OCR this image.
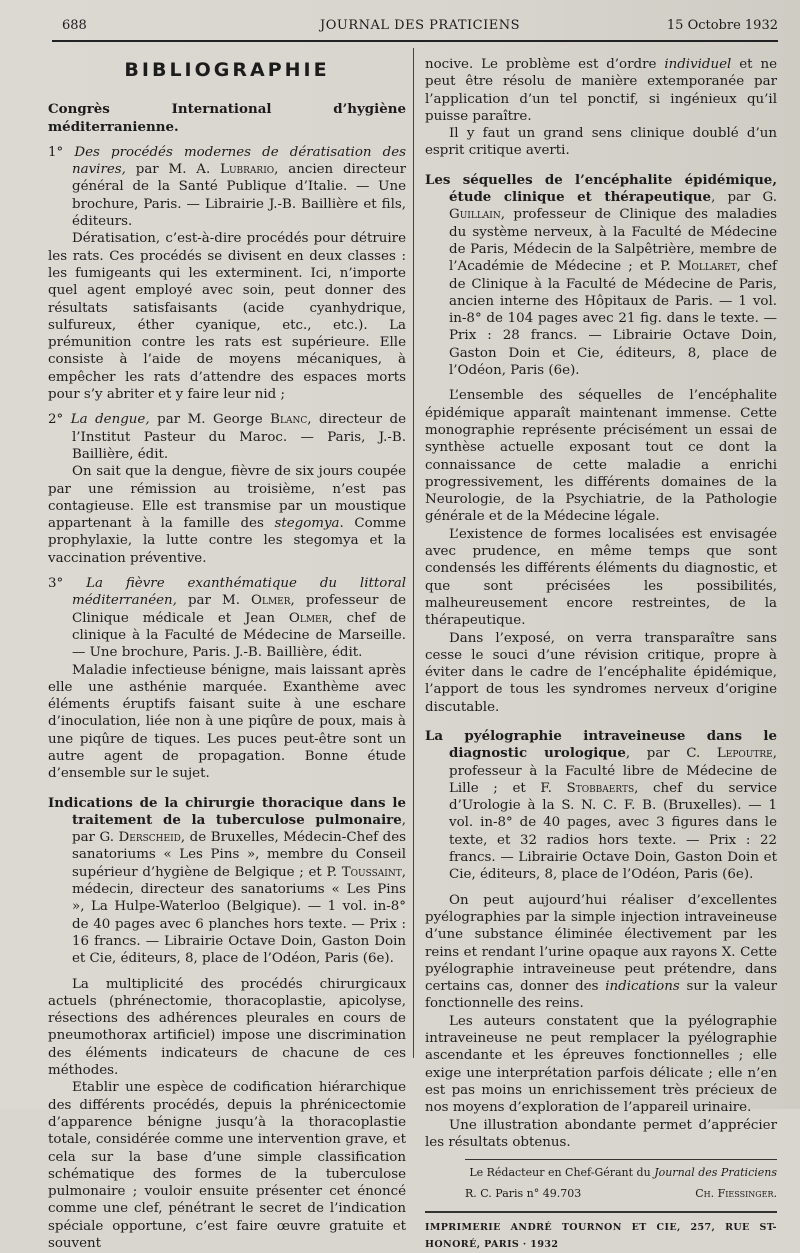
688	JOURNAL DES PRATICIENS	15 Octobre 1932
BIBLIOGRAPHIE

Congrès International d’hygiène méditerranienne.

1° Des procédés modernes de dératisation des navires, par M. A. Lubrario, ancien directeur général de la Santé Publique d’Italie. — Une brochure, Paris. — Librairie J.-B. Baillière et fils, éditeurs.

Dératisation, c’est-à-dire procédés pour détruire les rats. Ces procédés se divisent en deux classes : les fumigeants qui les exterminent. Ici, n’importe quel agent employé avec soin, peut donner des résultats satisfaisants (acide cyanhydrique, sulfureux, éther cyanique, etc., etc.). La prémunition contre les rats est supérieure. Elle consiste à l’aide de moyens mécaniques, à empêcher les rats d’attendre des espaces morts pour s’y abriter et y faire leur nid ;

2° La dengue, par M. George Blanc, directeur de l’Institut Pasteur du Maroc. — Paris, J.-B. Baillière, édit.

On sait que la dengue, fièvre de six jours coupée par une rémission au troisième, n’est pas contagieuse. Elle est transmise par un moustique appartenant à la famille des stegomya. Comme prophylaxie, la lutte contre les stegomya et la vaccination préventive.

3° La fièvre exanthématique du littoral méditerranéen, par M. Olmer, professeur de Clinique médicale et Jean Olmer, chef de clinique à la Faculté de Médecine de Marseille. — Une brochure, Paris. J.-B. Baillière, édit.

Maladie infectieuse bénigne, mais laissant après elle une asthénie marquée. Exanthème avec éléments éruptifs faisant suite à une eschare d’inoculation, liée non à une piqûre de poux, mais à une piqûre de tiques. Les puces peut-être sont un autre agent de propagation. Bonne étude d’ensemble sur le sujet.

Indications de la chirurgie thoracique dans le traitement de la tuberculose pulmonaire, par G. Derscheid, de Bruxelles, Médecin-Chef des sanatoriums « Les Pins », membre du Conseil supérieur d’hygiène de Belgique ; et P. Toussaint, médecin, directeur des sanatoriums « Les Pins », La Hulpe-Waterloo (Belgique). — 1 vol. in-8° de 40 pages avec 6 planches hors texte. — Prix : 16 francs. — Librairie Octave Doin, Gaston Doin et Cie, éditeurs, 8, place de l’Odéon, Paris (6e).

La multiplicité des procédés chirurgicaux actuels (phrénectomie, thoracoplastie, apicolyse, résections des adhérences pleurales en cours de pneumothorax artificiel) impose une discrimination des éléments indicateurs de chacune de ces méthodes.

Etablir une espèce de codification hiérarchique des différents procédés, depuis la phrénicectomie d’apparence bénigne jusqu’à la thoracoplastie totale, considérée comme une intervention grave, et cela sur la base d’une simple classification schématique des formes de la tuberculose pulmonaire ; vouloir ensuite présenter cet énoncé comme une clef, pénétrant le secret de l’indication spéciale opportune, c’est faire œuvre gratuite et souvent

nocive. Le problème est d’ordre individuel et ne peut être résolu de manière extemporanée par l’application d’un tel ponctif, si ingénieux qu’il puisse paraître.

Il y faut un grand sens clinique doublé d’un esprit critique averti.

Les séquelles de l’encéphalite épidémique, étude clinique et thérapeutique, par G. Guillain, professeur de Clinique des maladies du système nerveux, à la Faculté de Médecine de Paris, Médecin de la Salpêtrière, membre de l’Académie de Médecine ; et P. Mollaret, chef de Clinique à la Faculté de Médecine de Paris, ancien interne des Hôpitaux de Paris. — 1 vol. in-8° de 104 pages avec 21 fig. dans le texte. — Prix : 28 francs. — Librairie Octave Doin, Gaston Doin et Cie, éditeurs, 8, place de l’Odéon, Paris (6e).

L’ensemble des séquelles de l’encéphalite épidémique apparaît maintenant immense. Cette monographie représente précisément un essai de synthèse actuelle exposant tout ce dont la connaissance de cette maladie a enrichi progressivement, les différents domaines de la Neurologie, de la Psychiatrie, de la Pathologie générale et de la Médecine légale.

L’existence de formes localisées est envisagée avec prudence, en même temps que sont condensés les différents éléments du diagnostic, et que sont précisées les possibilités, malheureusement encore restreintes, de la thérapeutique.

Dans l’exposé, on verra transparaître sans cesse le souci d’une révision critique, propre à éviter dans le cadre de l’encéphalite épidémique, l’apport de tous les syndromes nerveux d’origine discutable.

La pyélographie intraveineuse dans le diagnostic urologique, par C. Lepoutre, professeur à la Faculté libre de Médecine de Lille ; et F. Stobbaerts, chef du service d’Urologie à la S. N. C. F. B. (Bruxelles). — 1 vol. in-8° de 40 pages, avec 3 figures dans le texte, et 32 radios hors texte. — Prix : 22 francs. — Librairie Octave Doin, Gaston Doin et Cie, éditeurs, 8, place de l’Odéon, Paris (6e).

On peut aujourd’hui réaliser d’excellentes pyélographies par la simple injection intraveineuse d’une substance éliminée électivement par les reins et rendant l’urine opaque aux rayons X. Cette pyélographie intraveineuse peut prétendre, dans certains cas, donner des indications sur la valeur fonctionnelle des reins.

Les auteurs constatent que la pyélographie intraveineuse ne peut remplacer la pyélographie ascendante et les épreuves fonctionnelles ; elle exige une interprétation parfois délicate ; elle n’en est pas moins un enrichissement très précieux de nos moyens d’exploration de l’appareil urinaire.

Une illustration abondante permet d’apprécier les résultats obtenus.

Le Rédacteur en Chef-Gérant du Journal des Praticiens
R. C. Paris n° 49.703	Ch. Fiessinger.
IMPRIMERIE ANDRÉ TOURNON ET CIE, 257, RUE ST-HONORÉ, PARIS · 1932
